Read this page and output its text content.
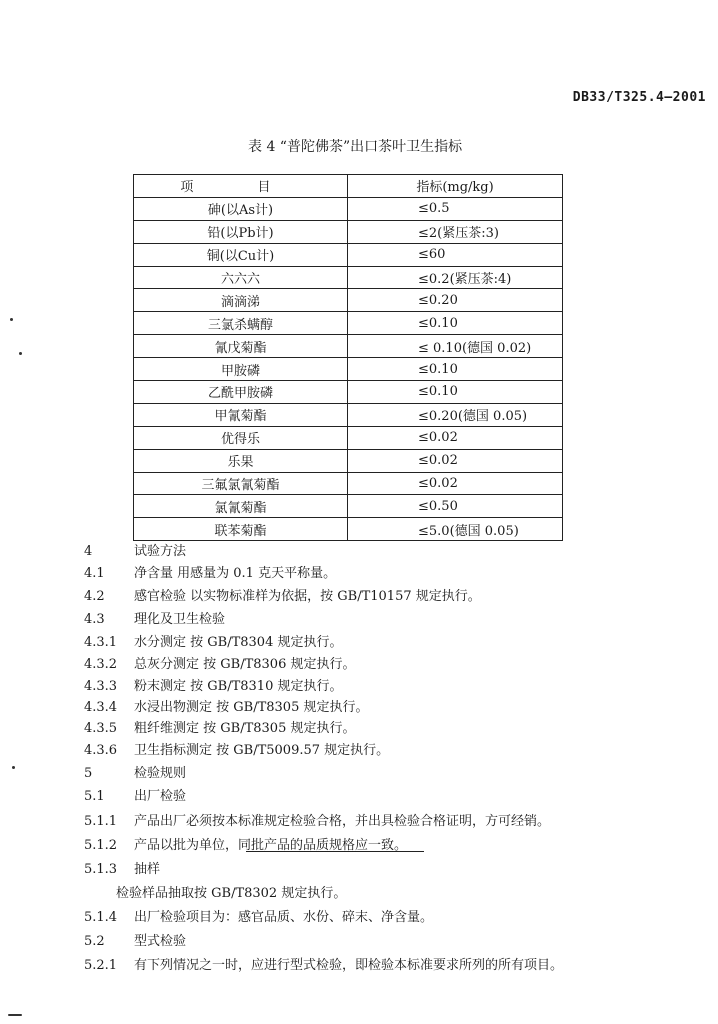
DB33/T325.4—2001
表 4 “普陀佛茶”出口茶叶卫生指标
项 目	指标(mg/kg)
砷(以As计)	≤0.5
铅(以Pb计)	≤2(紧压茶:3)
铜(以Cu计)	≤60
六六六	≤0.2(紧压茶:4)
滴滴涕	≤0.20
三氯杀螨醇	≤0.10
氰戊菊酯	≤ 0.10(德国 0.02)
甲胺磷	≤0.10
乙酰甲胺磷	≤0.10
甲氰菊酯	≤0.20(德国 0.05)
优得乐	≤0.02
乐果	≤0.02
三氟氯氰菊酯	≤0.02
氯氰菊酯	≤0.50
联苯菊酯	≤5.0(德国 0.05)
4	试验方法
4.1 净含量 用感量为 0.1 克天平称量。
4.2 感官检验 以实物标准样为依据，按 GB/T10157 规定执行。
4.3 理化及卫生检验
4.3.1 水分测定 按 GB/T8304 规定执行。
4.3.2 总灰分测定 按 GB/T8306 规定执行。
4.3.3 粉末测定 按 GB/T8310 规定执行。
4.3.4 水浸出物测定 按 GB/T8305 规定执行。
4.3.5 粗纤维测定 按 GB/T8305 规定执行。
4.3.6 卫生指标测定 按 GB/T5009.57 规定执行。
5	检验规则
5.1 出厂检验
5.1.1 产品出厂必须按本标准规定检验合格，并出具检验合格证明，方可经销。
5.1.2 产品以批为单位，同批产品的品质规格应一致。
5.1.3 抽样
检验样品抽取按 GB/T8302 规定执行。
5.1.4 出厂检验项目为：感官品质、水份、碎末、净含量。
5.2 型式检验
5.2.1 有下列情况之一时，应进行型式检验，即检验本标准要求所列的所有项目。
